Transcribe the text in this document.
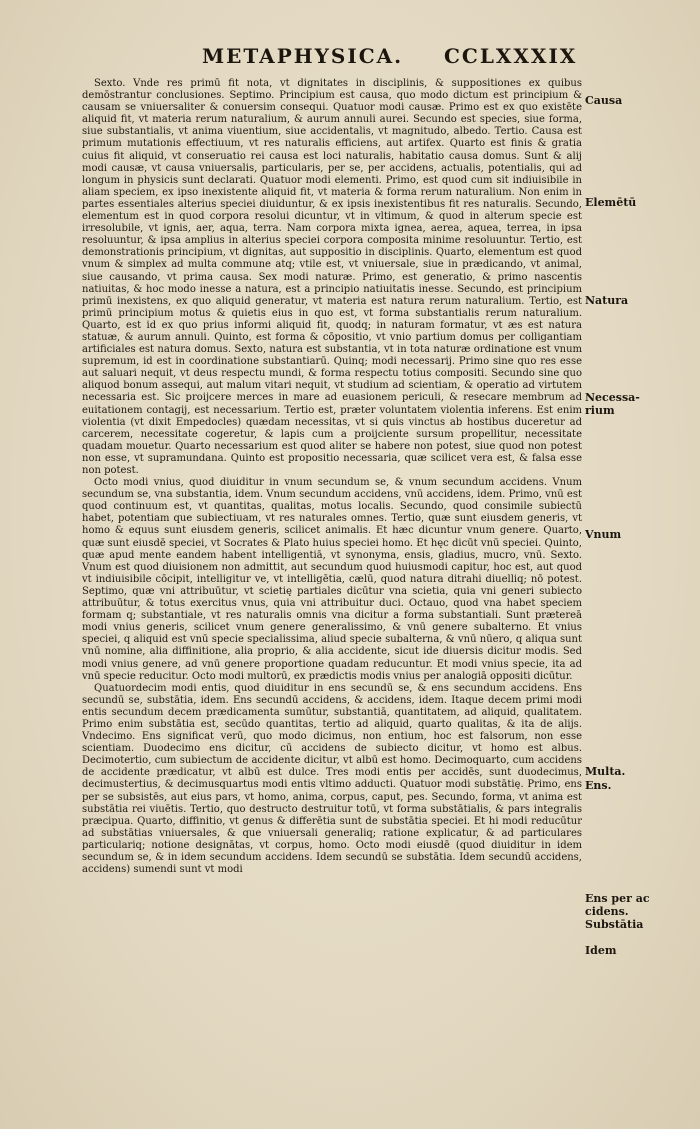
METAPHYSICA. CCLXXXIX

Sexto. Vnde res primū fit nota, vt dignitates in disciplinis, & suppositiones ex quibus demōstrantur conclusiones. Septimo. Principium est causa, quo modo dictum est principium & causam se vniuersaliter & conuersim consequi. Quatuor modi causæ. Primo est ex quo existēte aliquid fit, vt materia rerum naturalium, & aurum annuli aurei. Secundo est species, siue forma, siue substantialis, vt anima viuentium, siue accidentalis, vt magnitudo, albedo. Tertio. Causa est primum mutationis effectiuum, vt res naturalis efficiens, aut artifex. Quarto est finis & gratia cuius fit aliquid, vt conseruatio rei causa est loci naturalis, habitatio causa domus. Sunt & alij modi causæ, vt causa vniuersalis, particularis, per se, per accidens, actualis, potentialis, qui ad longum in physicis sunt declarati. Quatuor modi elementi. Primo, est quod cum sit indiuisibile in aliam speciem, ex ipso inexistente aliquid fit, vt materia & forma rerum naturalium. Non enim in partes essentiales alterius speciei diuiduntur, & ex ipsis inexistentibus fit res naturalis. Secundo, elementum est in quod corpora resolui dicuntur, vt in vltimum, & quod in alterum specie est irresolubile, vt ignis, aer, aqua, terra. Nam corpora mixta ignea, aerea, aquea, terrea, in ipsa resoluuntur, & ipsa amplius in alterius speciei corpora composita minime resoluuntur. Tertio, est demonstrationis principium, vt dignitas, aut suppositio in disciplinis. Quarto, elementum est quod vnum & simplex ad multa commune atq; vtile est, vt vniuersale, siue in prædicando, vt animal, siue causando, vt prima causa. Sex modi naturæ. Primo, est generatio, & primo nascentis natiuitas, & hoc modo inesse a natura, est a principio natiuitatis inesse. Secundo, est principium primū inexistens, ex quo aliquid generatur, vt materia est natura rerum naturalium. Tertio, est primū principium motus & quietis eius in quo est, vt forma substantialis rerum naturalium. Quarto, est id ex quo prius informi aliquid fit, quodq; in naturam formatur, vt æs est natura statuæ, & aurum annuli. Quinto, est forma & cōpositio, vt vnio partium domus per colligantiam artificiales est natura domus. Sexto, natura est substantia, vt in tota naturæ ordinatione est vnum supremum, id est in coordinatione substantiarū. Quinq; modi necessarij. Primo sine quo res esse aut saluari nequit, vt deus respectu mundi, & forma respectu totius compositi. Secundo sine quo aliquod bonum assequi, aut malum vitari nequit, vt studium ad scientiam, & operatio ad virtutem necessaria est. Sic proijcere merces in mare ad euasionem periculi, & resecare membrum ad euitationem contagij, est necessarium. Tertio est, præter voluntatem violentia inferens. Est enim violentia (vt dixit Empedocles) quædam necessitas, vt si quis vinctus ab hostibus duceretur ad carcerem, necessitate cogeretur, & lapis cum a proijciente sursum propellitur, necessitate quadam mouetur. Quarto necessarium est quod aliter se habere non potest, siue quod non potest non esse, vt supramundana. Quinto est propositio necessaria, quæ scilicet vera est, & falsa esse non potest.

Octo modi vnius, quod diuiditur in vnum secundum se, & vnum secundum accidens. Vnum secundum se, vna substantia, idem. Vnum secundum accidens, vnū accidens, idem. Primo, vnū est quod continuum est, vt quantitas, qualitas, motus localis. Secundo, quod consimile subiectū habet, potentiam que subiectiuam, vt res naturales omnes. Tertio, quæ sunt eiusdem generis, vt homo & equus sunt eiusdem generis, scilicet animalis. Et hæc dicuntur vnum genere. Quarto, quæ sunt eiusdē speciei, vt Socrates & Plato huius speciei homo. Et hęc dicūt vnū speciei. Quinto, quæ apud mente eandem habent intelligentiā, vt synonyma, ensis, gladius, mucro, vnū. Sexto. Vnum est quod diuisionem non admittit, aut secundum quod huiusmodi capitur, hoc est, aut quod vt indiuisibile cōcipit, intelligitur ve, vt intelligētia, cælū, quod natura ditrahi diuelliq; nō potest. Septimo, quæ vni attribuūtur, vt scietię partiales dicūtur vna scietia, quia vni generi subiecto attribuūtur, & totus exercitus vnus, quia vni attribuitur duci. Octauo, quod vna habet speciem formam q; substantiale, vt res naturalis omnis vna dicitur a forma substantiali. Sunt prætereā modi vnius generis, scilicet vnum genere generalissimo, & vnū genere subalterno. Et vnius speciei, q aliquid est vnū specie specialissima, aliud specie subalterna, & vnū nūero, q aliqua sunt vnū nomine, alia diffinitione, alia proprio, & alia accidente, sicut ide diuersis dicitur modis. Sed modi vnius genere, ad vnū genere proportione quadam reducuntur. Et modi vnius specie, ita ad vnū specie reducitur. Octo modi multorū, ex prædictis modis vnius per analogiā oppositi dicūtur.

Quatuordecim modi entis, quod diuiditur in ens secundū se, & ens secundum accidens. Ens secundū se, substātia, idem. Ens secundū accidens, & accidens, idem. Itaque decem primi modi entis secundum decem prædicamenta sumūtur, substantiā, quantitatem, ad aliquid, qualitatem. Primo enim substātia est, secūdo quantitas, tertio ad aliquid, quarto qualitas, & ita de alijs. Vndecimo. Ens significat verū, quo modo dicimus, non entium, hoc est falsorum, non esse scientiam. Duodecimo ens dicitur, cū accidens de subiecto dicitur, vt homo est albus. Decimotertio, cum subiectum de accidente dicitur, vt albū est homo. Decimoquarto, cum accidens de accidente prædicatur, vt albū est dulce. Tres modi entis per accidēs, sunt duodecimus, decimustertius, & decimusquartus modi entis vltimo adducti. Quatuor modi substātię. Primo, ens per se subsistēs, aut eius pars, vt homo, anima, corpus, caput, pes. Secundo, forma, vt anima est substātia rei viuētis. Tertio, quo destructo destruitur totū, vt forma substātialis, & pars integralis præcipua. Quarto, diffinitio, vt genus & differētia sunt de substātia speciei. Et hi modi reducūtur ad substātias vniuersales, & que vniuersali generaliq; ratione explicatur, & ad particulares particulariq; notione designātas, vt corpus, homo. Octo modi eiusdē (quod diuiditur in idem secundum se, & in idem secundum accidens. Idem secundū se substātia. Idem secundū accidens, accidens) sumendi sunt vt modi

Causa
Elemētū
Natura
Necessa-
rium
Vnum
Multa.
Ens.
Ens per ac
cidens.
Substātia
Idem
